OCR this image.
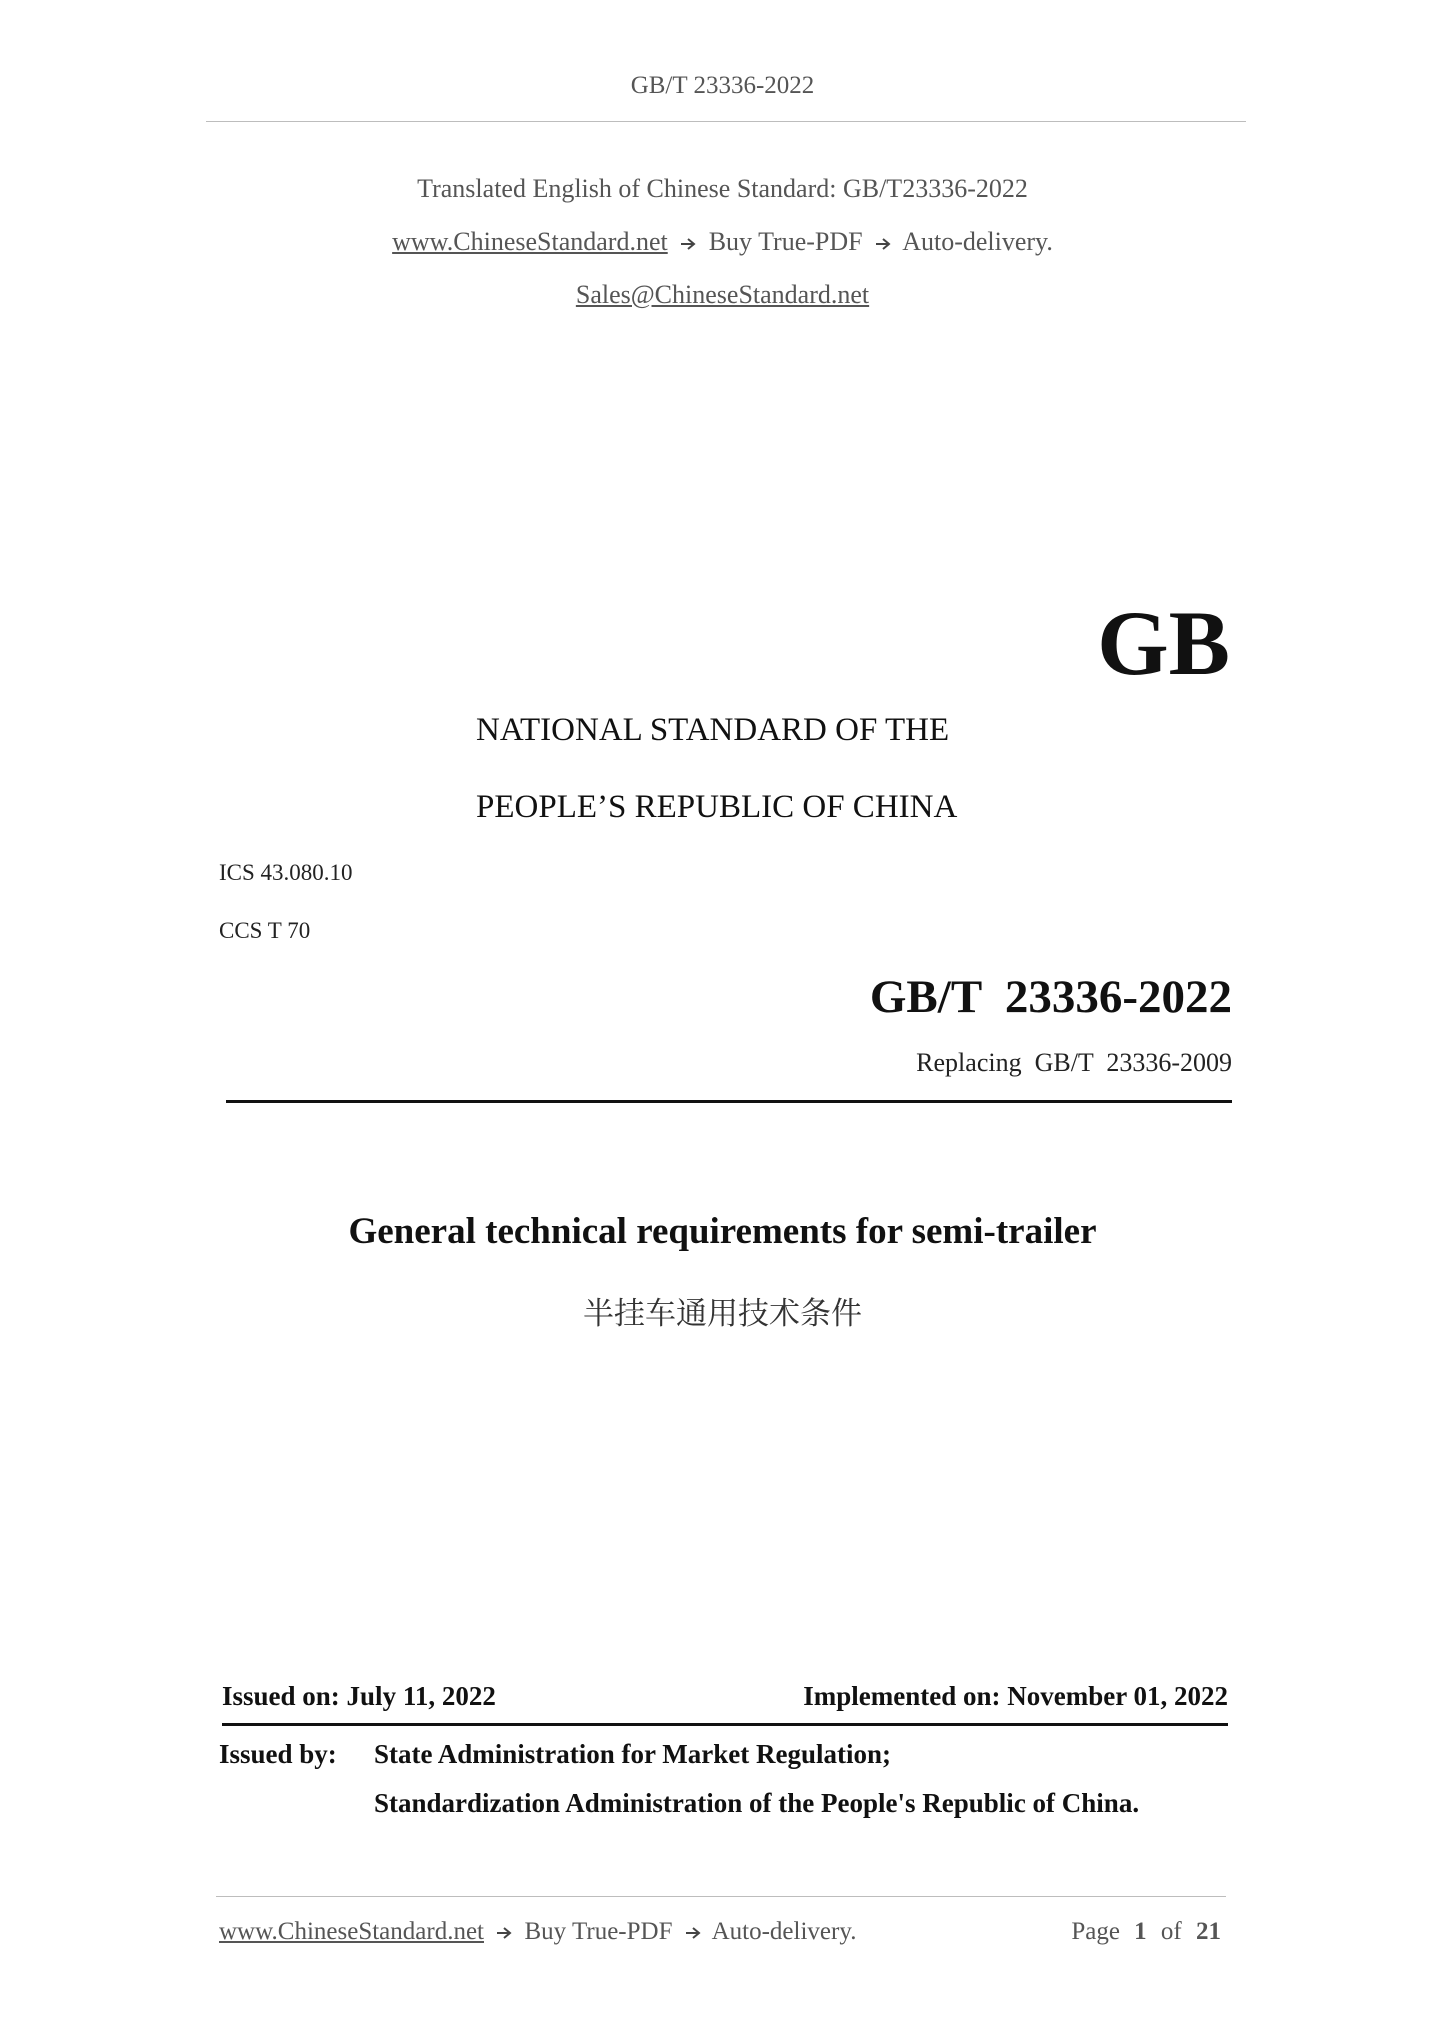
GB/T 23336-2022
Translated English of Chinese Standard: GB/T23336-2022
www.ChineseStandard.net Buy True-PDF Auto-delivery.
Sales@ChineseStandard.net
GB
NATIONAL STANDARD OF THE
PEOPLE’S REPUBLIC OF CHINA
ICS 43.080.10
CCS T 70
GB/T  23336-2022
Replacing  GB/T  23336-2009
General technical requirements for semi-trailer
半挂车通用技术条件
Issued on: July 11, 2022	Implemented on: November 01, 2022
Issued by: State Administration for Market Regulation;
Standardization Administration of the People's Republic of China.
www.ChineseStandard.net Buy True-PDF Auto-delivery.	Page 1 of 21
